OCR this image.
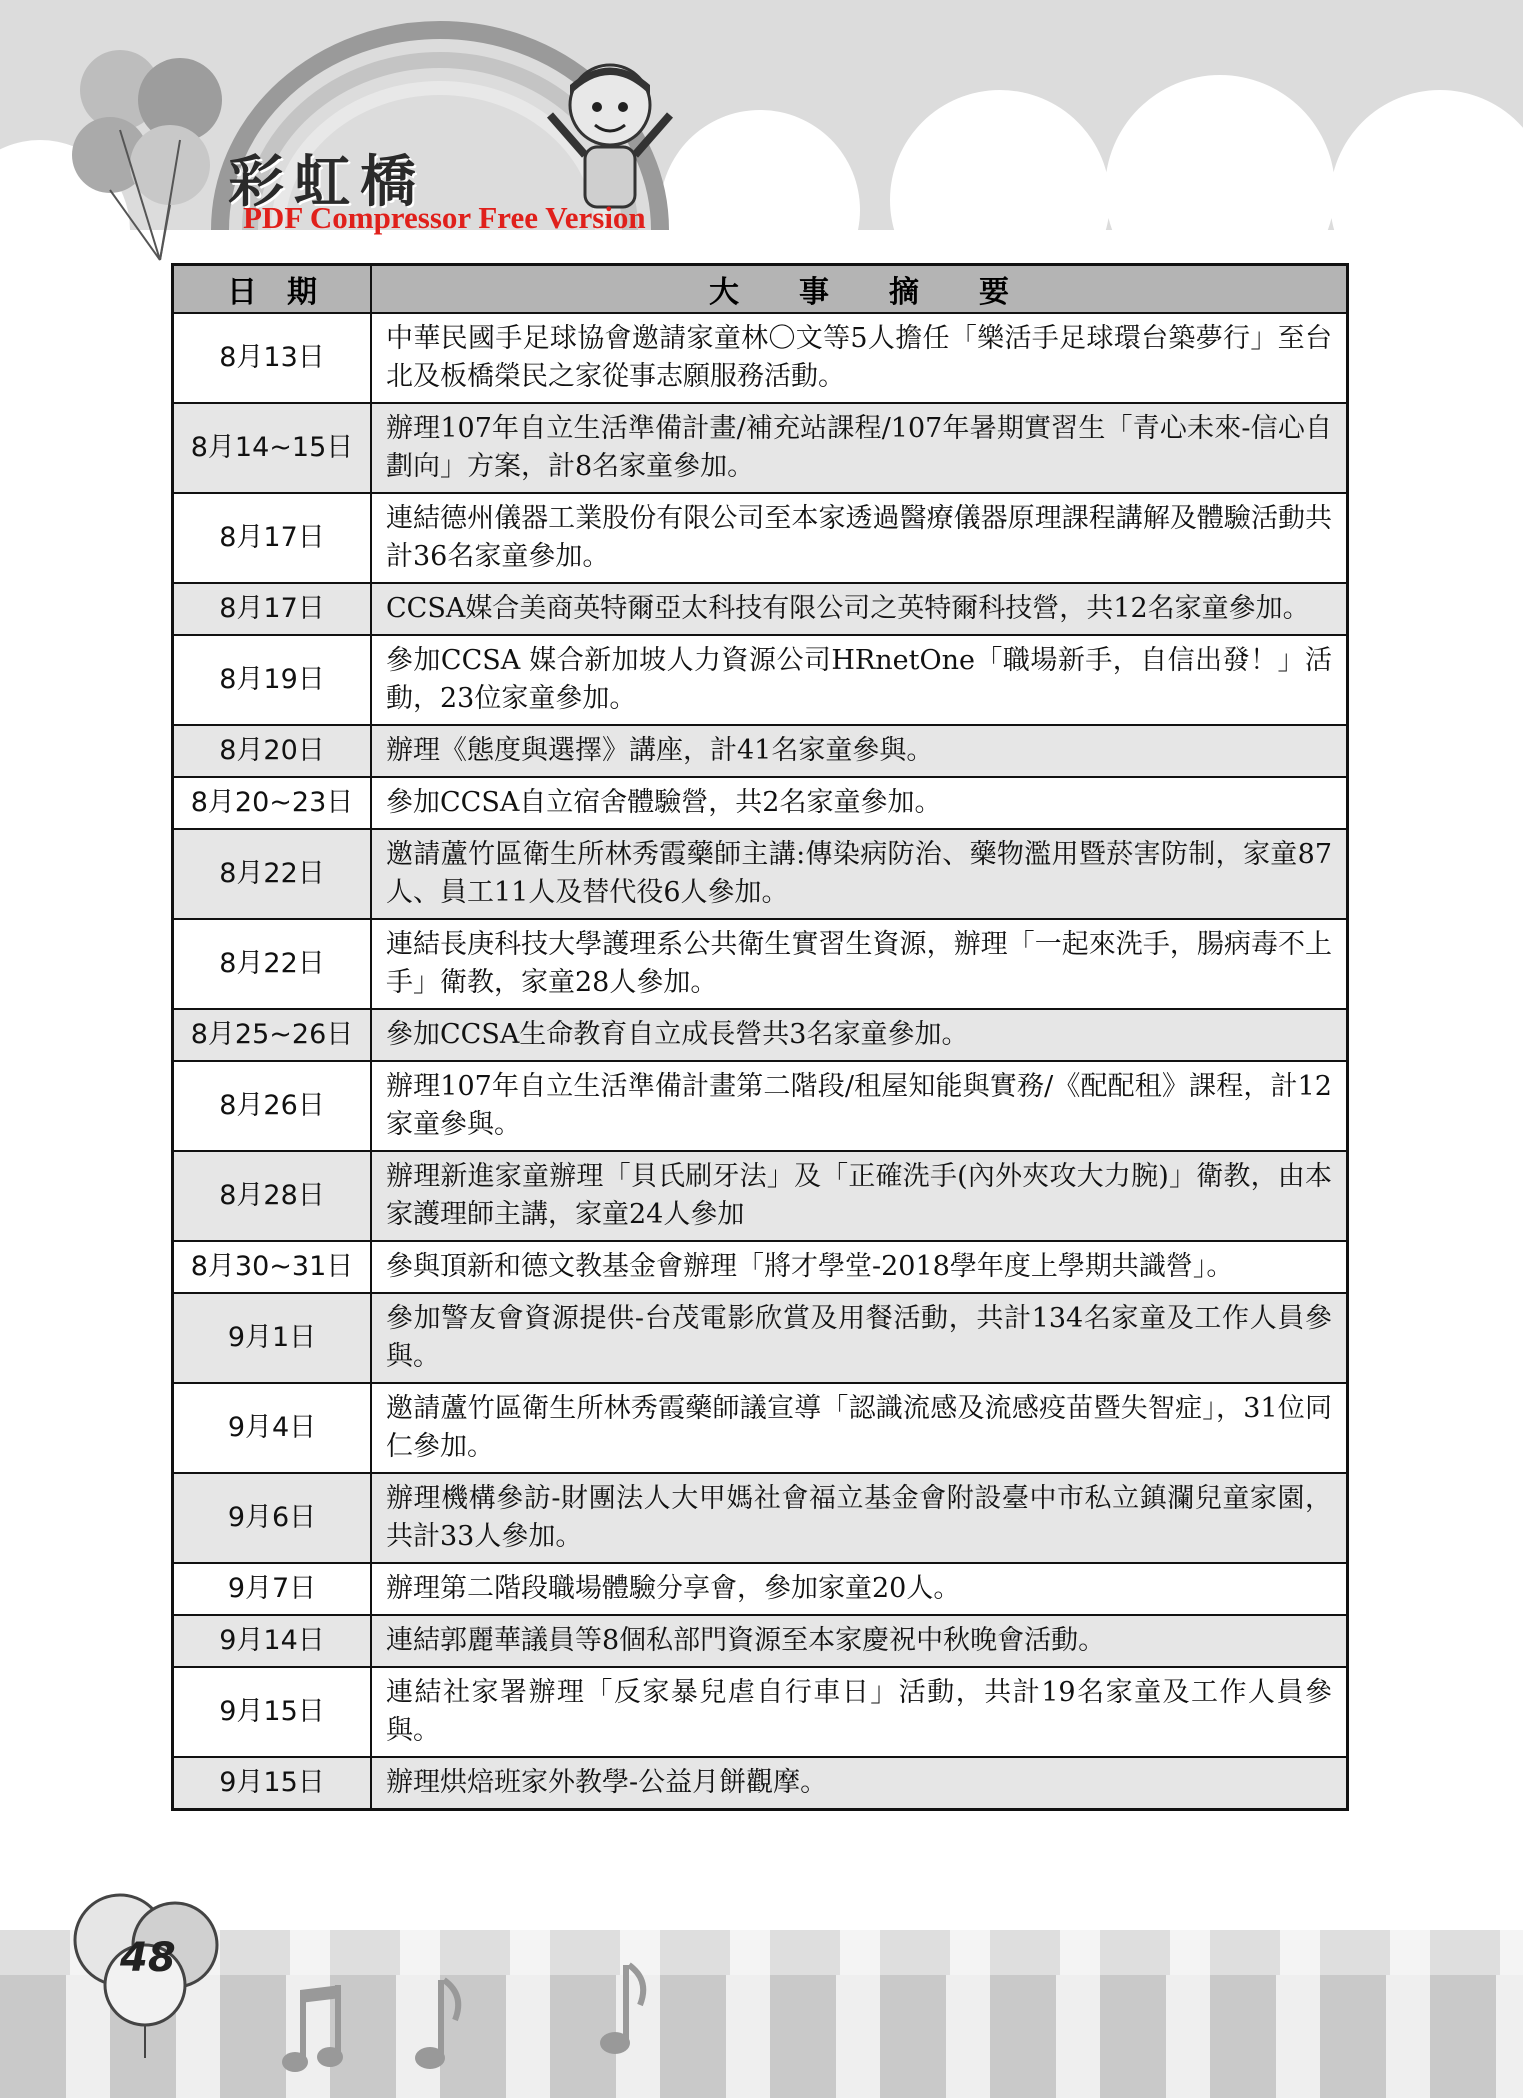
彩虹橋
PDF Compressor Free Version
日　期	大　　事　　摘　　要
8月13日	中華民國手足球協會邀請家童林〇文等5人擔任「樂活手足球環台築夢行」至台北及板橋榮民之家從事志願服務活動。
8月14~15日	辦理107年自立生活準備計畫/補充站課程/107年暑期實習生「青心未來-信心自劃向」方案，計8名家童參加。
8月17日	連結德州儀器工業股份有限公司至本家透過醫療儀器原理課程講解及體驗活動共計36名家童參加。
8月17日	CCSA媒合美商英特爾亞太科技有限公司之英特爾科技營，共12名家童參加。
8月19日	參加CCSA 媒合新加坡人力資源公司HRnetOne「職場新手，自信出發！」活動，23位家童參加。
8月20日	辦理《態度與選擇》講座，計41名家童參與。
8月20~23日	參加CCSA自立宿舍體驗營，共2名家童參加。
8月22日	邀請蘆竹區衛生所林秀霞藥師主講:傳染病防治、藥物濫用暨菸害防制，家童87人、員工11人及替代役6人參加。
8月22日	連結長庚科技大學護理系公共衛生實習生資源，辦理「一起來洗手，腸病毒不上手」衛教，家童28人參加。
8月25~26日	參加CCSA生命教育自立成長營共3名家童參加。
8月26日	辦理107年自立生活準備計畫第二階段/租屋知能與實務/《配配租》課程，計12家童參與。
8月28日	辦理新進家童辦理「貝氏刷牙法」及「正確洗手(內外夾攻大力腕)」衛教，由本家護理師主講，家童24人參加
8月30~31日	參與頂新和德文教基金會辦理「將才學堂-2018學年度上學期共識營」。
9月1日	參加警友會資源提供-台茂電影欣賞及用餐活動，共計134名家童及工作人員參與。
9月4日	邀請蘆竹區衛生所林秀霞藥師議宣導「認識流感及流感疫苗暨失智症」，31位同仁參加。
9月6日	辦理機構參訪-財團法人大甲媽社會福立基金會附設臺中市私立鎮瀾兒童家園，共計33人參加。
9月7日	辦理第二階段職場體驗分享會，參加家童20人。
9月14日	連結郭麗華議員等8個私部門資源至本家慶祝中秋晚會活動。
9月15日	連結社家署辦理「反家暴兒虐自行車日」活動，共計19名家童及工作人員參與。
9月15日	辦理烘焙班家外教學-公益月餅觀摩。
48
